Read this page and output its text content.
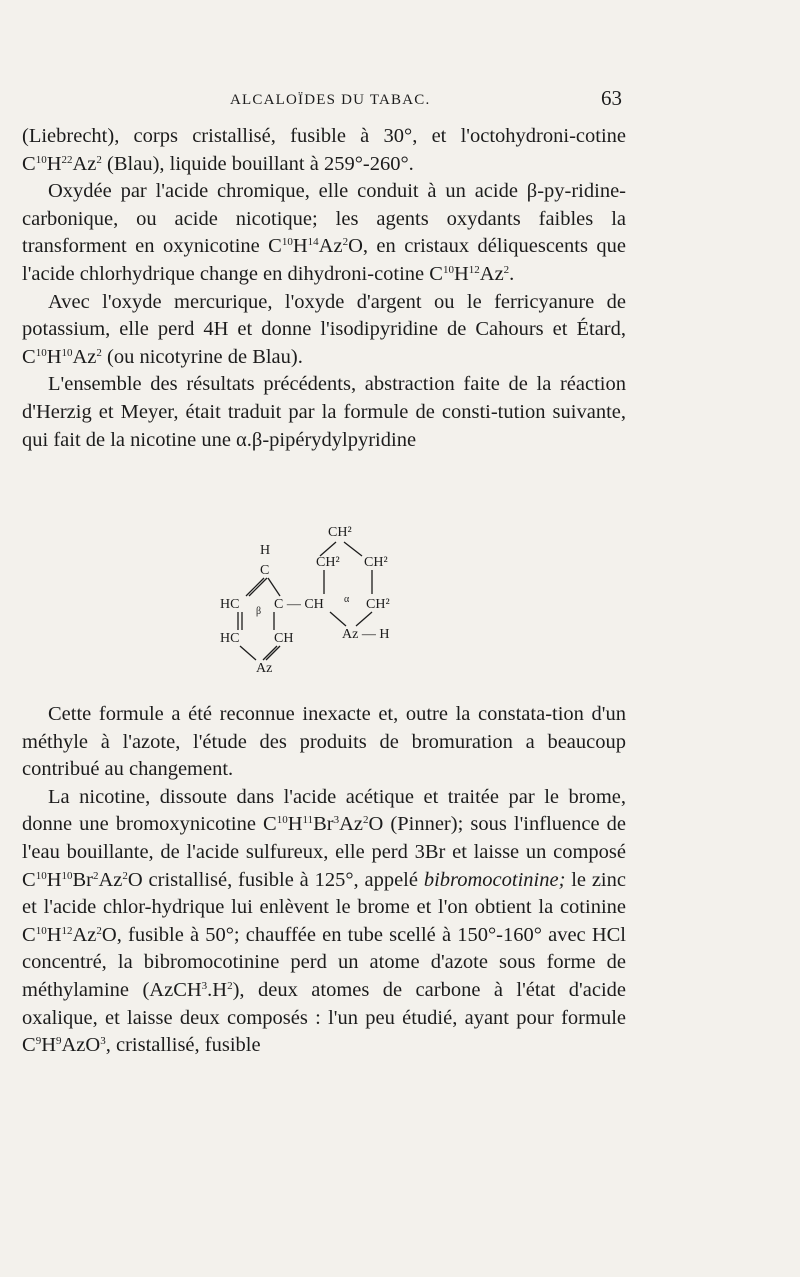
ALCALOÏDES DU TABAC.	63

(Liebrecht), corps cristallisé, fusible à 30°, et l'octohydroni-cotine $C^{10}H^{22}Az^2$ (Blau), liquide bouillant à 259°-260°.

Oxydée par l'acide chromique, elle conduit à un acide β-py-ridine-carbonique, ou acide nicotique; les agents oxydants faibles la transforment en oxynicotine $C^{10}H^{14}Az^2O$, en cristaux déliquescents que l'acide chlorhydrique change en dihydroni-cotine $C^{10}H^{12}Az^2$.

Avec l'oxyde mercurique, l'oxyde d'argent ou le ferricyanure de potassium, elle perd 4H et donne l'isodipyridine de Cahours et Étard, $C^{10}H^{10}Az^2$ (ou nicotyrine de Blau).

L'ensemble des résultats précédents, abstraction faite de la réaction d'Herzig et Meyer, était traduit par la formule de consti-tution suivante, qui fait de la nicotine une α.β-pipérydylpyridine

CH²
H
C
CH² CH²
HC C — CH α CH²
β
Az — H
HC CH
Az

Cette formule a été reconnue inexacte et, outre la constata-tion d'un méthyle à l'azote, l'étude des produits de bromuration a beaucoup contribué au changement.

La nicotine, dissoute dans l'acide acétique et traitée par le brome, donne une bromoxynicotine $C^{10}H^{11}Br^3Az^2O$ (Pinner); sous l'influence de l'eau bouillante, de l'acide sulfureux, elle perd 3Br et laisse un composé $C^{10}H^{10}Br^2Az^2O$ cristallisé, fusible à 125°, appelé bibromocotinine; le zinc et l'acide chlor-hydrique lui enlèvent le brome et l'on obtient la cotinine $C^{10}H^{12}Az^2O$, fusible à 50°; chauffée en tube scellé à 150°-160° avec HCl concentré, la bibromocotinine perd un atome d'azote sous forme de méthylamine $(AzCH^3.H^2)$, deux atomes de carbone à l'état d'acide oxalique, et laisse deux composés : l'un peu étudié, ayant pour formule $C^9H^9AzO^3$, cristallisé, fusible
